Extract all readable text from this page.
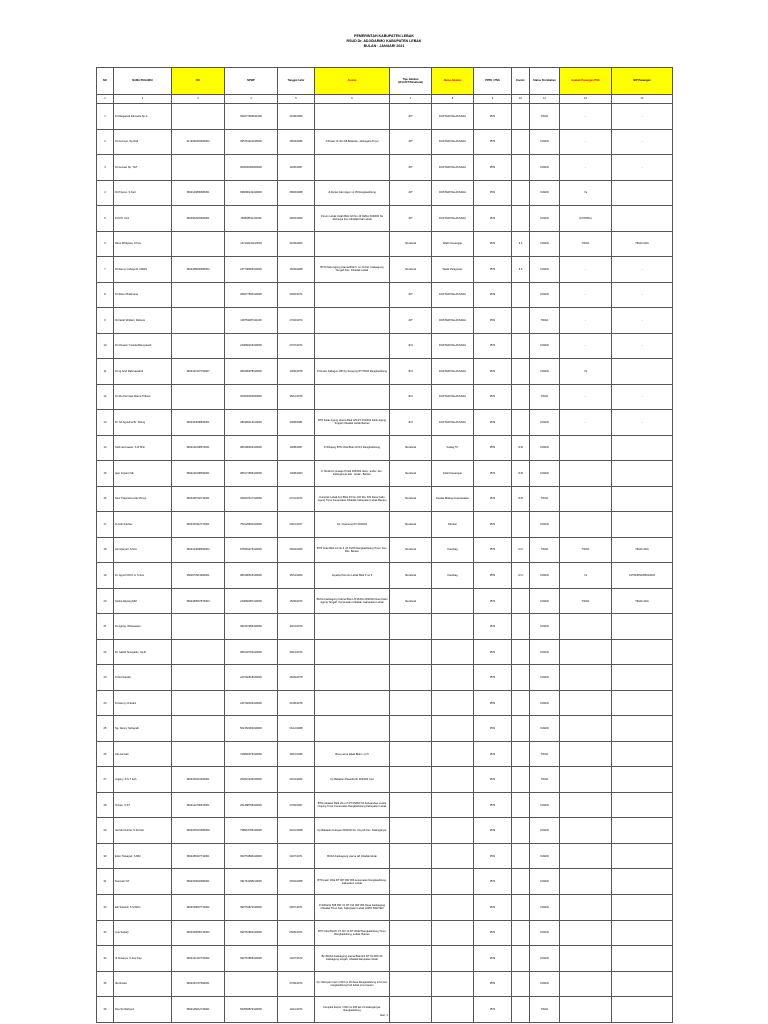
PEMERINTAH KABUPATEN LEBAK
RSUD Dr. ADJIDARMO KABUPATEN LEBAK
BULAN : JANUARI 2021
NO	NAMA PEGAWAI	NIK	NPWP	Tanggal Lahir	Alamat	Tipe Jabatan (JFU/JFT/Struktural)	Nama Jabatan	PPPK / PNS	Eselon	Status Pernikahan	Apakah Pasangan PNS	NIP Pasangan
1	2	3	4	5	6	7	8	9	10	11	12	13
1	Dr.Margareta Damanik,Sp.A		090277996021000	21/09/1959		JFT	DOKTER PELAKSANA	PNS		TIDAK	-	-
2	Dr.Gumoyo, Sp.Rad	3173031803690002	095751421015000	18/03/1966	Jl.Fraser III /02-4/8 Belawan, Jatinegara Timur	JFT	DOKTER PELAKSANA	PNS		KAWIN	-	-
3	Dr.Gunawi Sp. THT		000000000000000	12/06/1967		JFT	DOKTER PELAKSANA	PNS		KAWIN	-	-
4	Dr.Priyono, S.Ked	3602140806680001	098280142419000	08/06/1968	Jl.Durian Kali Jagur no 35 Rangkasbitung	JFT	DOKTER PELAKSANA	PNS		KAWIN	Ya	
5	Dr.M.P. Yani	3602052903690001	760808511411000	29/03/1969	Perum Lebak Indah Blok G6 No.19 Rt/Rw 003/006 Ds Jatimulya Kec.Cibadak Kab.Lebak	JFT	DOKTER PELAKSANA	PNS		KAWIN	(KONTRA)	
6	Rano Widiyana, S.Kes		147146311413000	21/09/1963		Struktural	Wadir Keuangan	PNS	II.b	KAWIN	TIDAK	TIDAK ADA
7	Dr.Nanny Cahaya R, MARS	3602185606680002	247708365419000	16/06/1968	BTN Kadu Agung Utama Blok C no 10 Kel. Kaduagung Tengah Kec. Cibadak Lebak	Struktural	Wadir Pelayanan	PNS	II.b	KAWIN	-	-
8	Dr.Wisnu Budimana		369277500419000	24/06/1971		JFT	DOKTER PELAKSANA	PNS		KAWIN	-	-
9	Dr.Farah Widiarti, Rebeca		139753087411000	17/02/1974		JFT	DOKTER PELAKSANA	PNS		TIDAK	-	-
10	Dr.Chusein Yusintia Banuyasah		243682215419000	27/07/1974		JFU	DOKTER PELAKSANA	PNS		KAWIN	-	-
11	Dr.ng Arief Rahmawahdi	3602141307760007	080180978419000	13/06/1978	Jl Durian Kaliagus 195 Kp Sesepog RT 05/02 Rangkasbitung	JFU	DOKTER PELAKSANA	PNS		KAWIN	Ya	
12	Dr.dris Permata Warna Trikresi		000000000000000	25/12/1978		JFU	DOKTER PELAKSANA	PNS		TIDAK	-	-
13	Dr. Sri Agustina Br. Tobing	3602184608810001	080180113419000	23/08/1981	BTN Kadu Agung Utama Blok H/9 RT 001/002 Kadu Agung Tengah Cibadak Lebak Banten	JFU	DOKTER PELAKSANA	PNS		KAWIN	-	-
14	Sulli Hermawan, S.IP MSi	3602141008670001	080180916419000	10/08/1967	Jl.Sihapeg BTN Ciba Blok C2/3,6 Rangkasbitung	Struktural	Kabag TU	PNS	III.B	KAWIN		
15	Ipan Irnpanti SE	3602141008630001	080171556419000	10/08/1963	Jl. Muslimin prasajo 8 blok 005/002 desa ; ander, kec : kalanganyar kab : lebak - Banten	Struktural	Kabid Keuangan	PNS	III.B	KAWIN		
16	Sani Tirapratna,Ade M.Kep	3602180702710001	259307417419000	07/01/1971	Komplek Lebak Asri Blok F3 No 13A Rw. 003 Desa Kadu Agung Timur Kecamatan Cibadak Kabupaten Lebak Banten	Struktural	Kepala Bidang Keperawatan	PNS	III.B	TIDAK		
17	R.Andi Sukhan	3602150312770001	750129600419000	03/12/1977	Kp. Cipanong RT 002/003	Struktural	Direktur	PNS		KAWIN		
18	Asri Haryati, S.Sos	3602144608630002	875581276419000	06/02/1963	BTN Cilas Blok L2 No.3, Rt 01/06 Rangkasbitung Timur, Kec. Rkc. Banten	Struktural	Kasubag	PNS	IV.A	TIDAK	TIDAK	TIDAK ADA
19	Dr. Agus KOKO H. S.Sos	3602072511690001	080180515419000	25/11/1969	Jayaloq Perumo Lebak Blok F no 5	Struktural	Kasubag	PNS	IV.A	KAWIN	Ya	197504052005012004
20	Sufina Eliyang,MM	3602180507670003	243682087419000	15/09/1970	BUKA Kaduagung Utama Blok L/5 Rt/Rw 003/002 Desa Kadu Agung Tengah, Kecamatan Cibadak, Kabupaten Lebak	Struktural		PNS		KAWIN	TIDAK	TIDAK ADA
21	Dr.Agung. Widyawano		093167956419000	30/11/1976				PNS		KAWIN		
22	Dr. Sabiki Suwiyadin, Sp.B		080132792419000	30/12/1970				PNS		KAWIN		
23	Dr.Ed Ganadi		243792518419000	25/06/1978				PNS		KAWIN		
24	Dr.Hanny Chairani		243792302419000	01/08/1978				PNS		KAWIN		
25	Ng. Nenny Sehayadi		501352003419000	01/12/1968				PNS		KAWIN		
26	Lilis Asmiah		729892076419000	30/12/1965	Bruu perna lebak Blok L no 5			PNS		TIDAK		
27	Juglery, S.S.T Keb	3602150201620001	253947496419000	02/01/1962	Kp Babakan Pasarbe Rt 003/004 CL2			PNS		TIDAK		
28	Tetuan, S.ST	3602142706670001	251388708419000	27/06/1967	BTN pakawar Blok 2d no7 RT 05/RW 04 Keluarahan muara Ciujung Timur Kecamatan Rangkasbitung Kabupaten Lebak			PNS		KAWIN		
29	Ital Siti Nurlina, S.Sit Keb	3602165101680009	798519786419000	01/01/1968	Kp Babakan Kutayas 003/002 Ds. Ciuyah Kec. Kalanganyar			PNS		KAWIN		
30	Enko Tolwayati, S.MM	3602186407710001	090751896419000	24/07/1971	BUKA Kaduagung utama H/I cibadak lebak			PNS		KAWIN		
31	Nurmaini ST	3602150602680001	091761158419000	06/02/1968	BTN pasir Ohla RT 007 RW 006 kecamatan Rangkasbitung, kabupaten Lebak			PNS		KAWIN		
32	Edi Sutandi, S.Si,MKs	3602150607710002	090751872419000	06/07/1971	Jl.Sidharta 508 RW. 01 RT 011 RW 006 Desa Kaduagung Cibadak Timur Kab. Kabupaten Lebak 42351 BANTEN			PNS		KAWIN		
33	Iyus Sudarji	3602150605710002	090751864419000	05/05/1971	BTN Ciba BLOK C7 NO 10 RT 02/02 Rangkasbitung Timur Rangkasbitung, Lebak, Banten			PNS		KAWIN		
34	Iti Suwarya, S.Kep Kep	3602141407720002	090751856419000	14/07/1972	Bni BUKA Kaduagung utama Blok E/4 RT 04 /RW 03 kaduagung tengah, cibadak kabupaten lebak			PNS		KAWIN		
35	Ida Rosita	3602184707690001		07/09/1974	Kp Cilempar rusel rt 003 rw 03 desa Rangkasbitung timur kec rangkasbitung Kab lebak prov banten			PNS		KAWIN		
36	Ros Sri Wahyuni	3602145212740001	563684879419000	12/12/1974	Komplek kantor rt 002 rw 006 kel mb kalanganyar, Rangkasbitung			PNS		TIDAK		
Hal. 1
